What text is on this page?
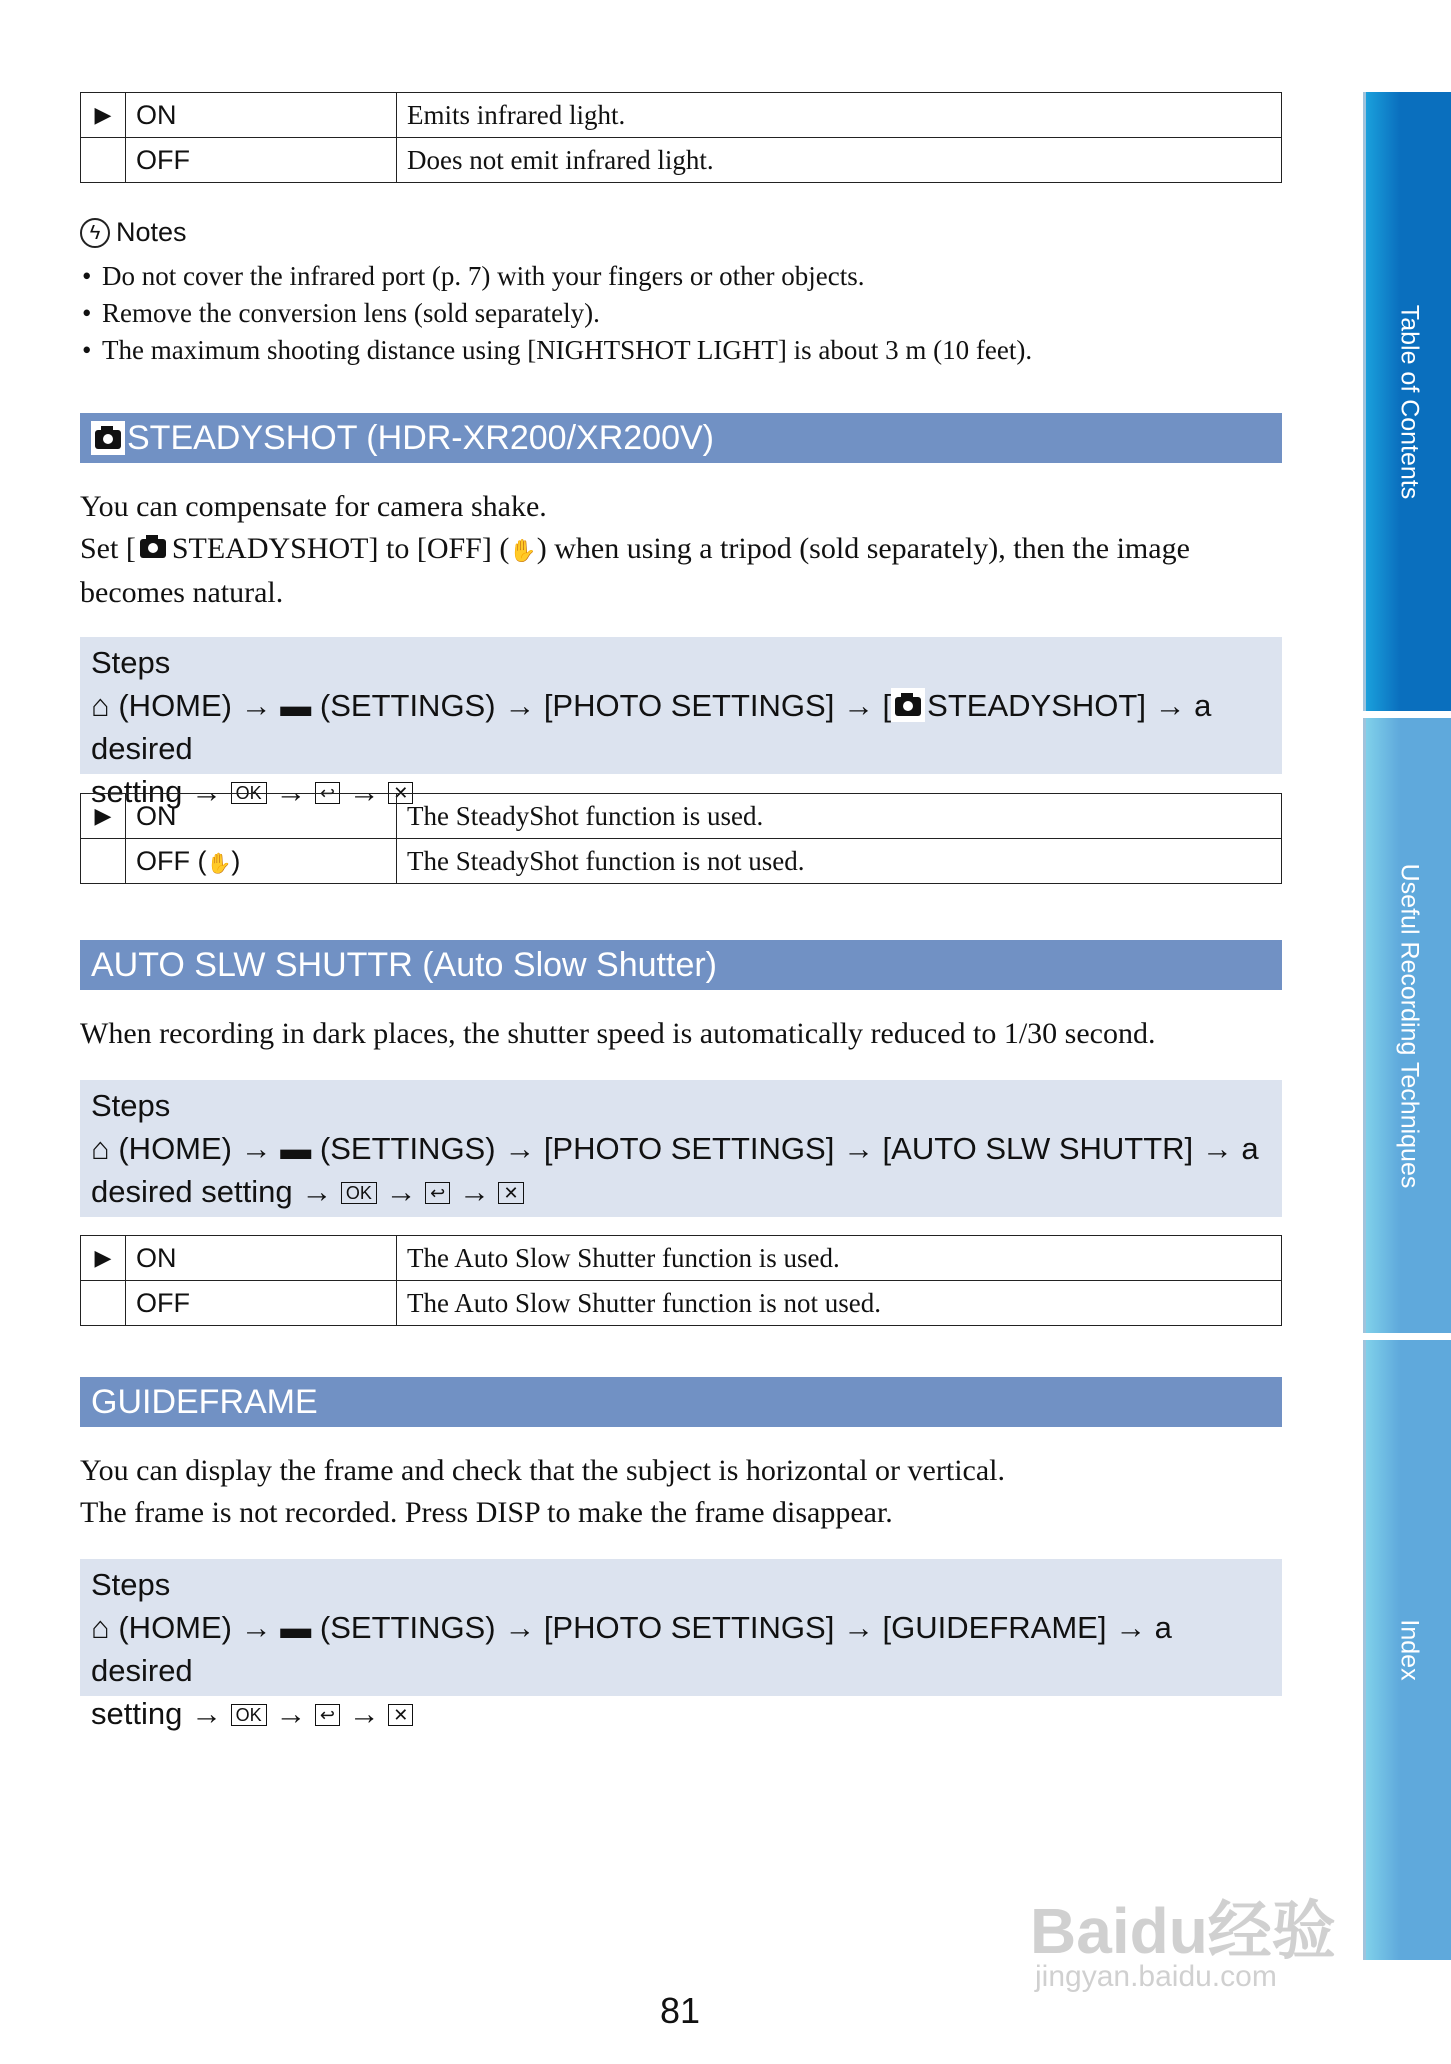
▶	ON	Emits infrared light.
	OFF	Does not emit infrared light.
ϟ Notes
• Do not cover the infrared port (p. 7) with your fingers or other objects.
• Remove the conversion lens (sold separately).
• The maximum shooting distance using [NIGHTSHOT LIGHT] is about 3 m (10 feet).
STEADYSHOT (HDR-XR200/XR200V)
You can compensate for camera shake.
Set [ STEADYSHOT] to [OFF] (✋) when using a tripod (sold separately), then the image
becomes natural.
Steps
⌂ (HOME) → ▬ (SETTINGS) → [PHOTO SETTINGS] → [ STEADYSHOT] → a desired
setting → OK → ↩ → ✕
▶	ON	The SteadyShot function is used.
	OFF (✋)	The SteadyShot function is not used.
AUTO SLW SHUTTR (Auto Slow Shutter)
When recording in dark places, the shutter speed is automatically reduced to 1/30 second.
Steps
⌂ (HOME) → ▬ (SETTINGS) → [PHOTO SETTINGS] → [AUTO SLW SHUTTR] → a
desired setting → OK → ↩ → ✕
▶	ON	The Auto Slow Shutter function is used.
	OFF	The Auto Slow Shutter function is not used.
GUIDEFRAME
You can display the frame and check that the subject is horizontal or vertical.
The frame is not recorded. Press DISP to make the frame disappear.
Steps
⌂ (HOME) → ▬ (SETTINGS) → [PHOTO SETTINGS] → [GUIDEFRAME] → a desired
setting → OK → ↩ → ✕
Table of Contents
Useful Recording Techniques
Index
Baidu经验
jingyan.baidu.com
81
